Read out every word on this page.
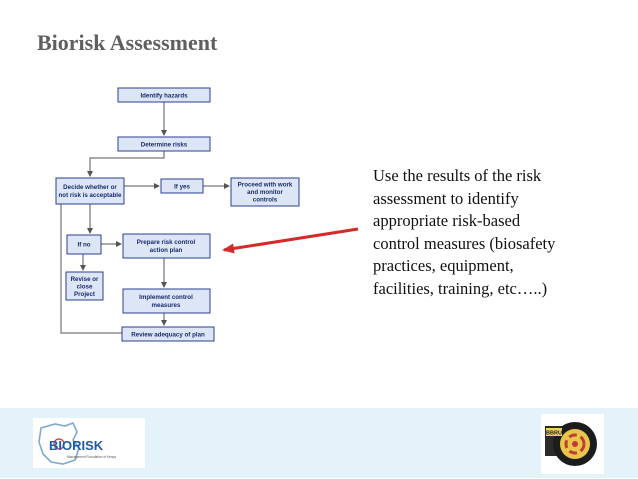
Biorisk Assessment
Identify hazards
Determine risks
Decide whether or
not risk is acceptable
If yes	Proceed with work
and monitor
controls
If no	Prepare risk control
action plan
Revise or
close
Project	Implement control
measures
Review adequacy of plan
Use the results of the risk
assessment to identify
appropriate risk-based
control measures (biosafety
practices, equipment,
facilities, training, etc…..)
BIORISK
Management Foundation of Kenya
BBRU
